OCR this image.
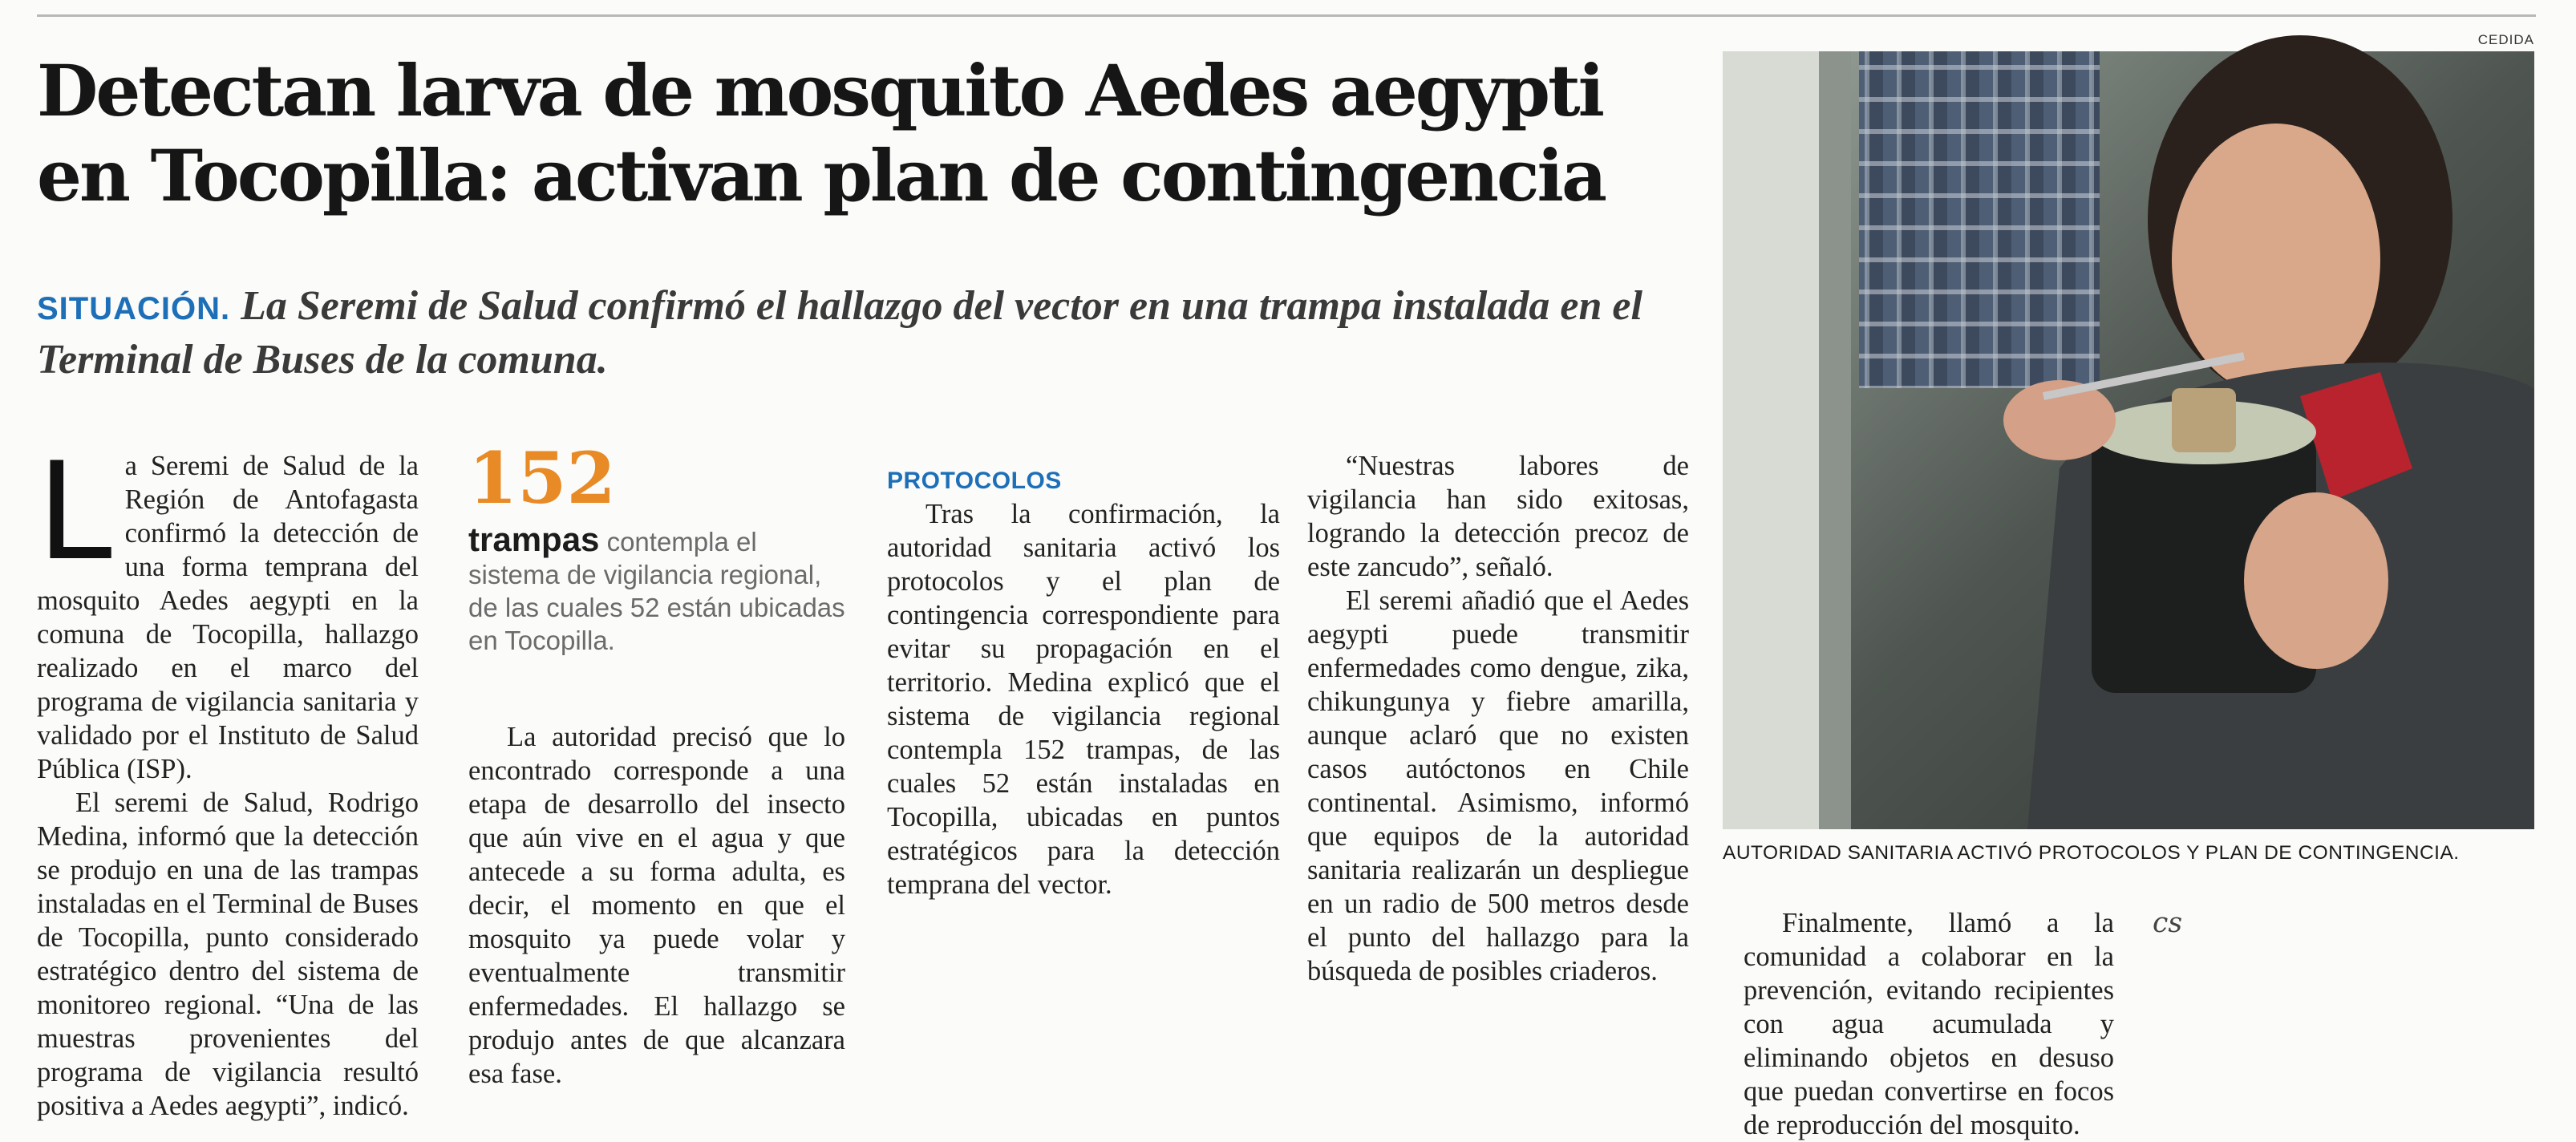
CEDIDA
Detectan larva de mosquito Aedes aegypti en Tocopilla: activan plan de contingencia

SITUACIÓN. La Seremi de Salud confirmó el hallazgo del vector en una trampa instalada en el Terminal de Buses de la comuna.

La Seremi de Salud de la Región de Antofagasta confirmó la detección de una forma temprana del mosquito Aedes aegypti en la comuna de Tocopilla, hallazgo realizado en el marco del programa de vigilancia sanitaria y validado por el Instituto de Salud Pública (ISP).

El seremi de Salud, Rodrigo Medina, informó que la detección se produjo en una de las trampas instaladas en el Terminal de Buses de Tocopilla, punto considerado estratégico dentro del sistema de monitoreo regional. “Una de las muestras provenientes del programa de vigilancia resultó positiva a Aedes aegypti”, indicó.

152
trampas contempla el sistema de vigilancia regional, de las cuales 52 están ubicadas en Tocopilla.

La autoridad precisó que lo encontrado corresponde a una etapa de desarrollo del insecto que aún vive en el agua y que antecede a su forma adulta, es decir, el momento en que el mosquito ya puede volar y eventualmente transmitir enfermedades. El hallazgo se produjo antes de que alcanzara esa fase.

PROTOCOLOS

Tras la confirmación, la autoridad sanitaria activó los protocolos y el plan de contingencia correspondiente para evitar su propagación en el territorio. Medina explicó que el sistema de vigilancia regional contempla 152 trampas, de las cuales 52 están instaladas en Tocopilla, ubicadas en puntos estratégicos para la detección temprana del vector.

“Nuestras labores de vigilancia han sido exitosas, logrando la detección precoz de este zancudo”, señaló.

El seremi añadió que el Aedes aegypti puede transmitir enfermedades como dengue, zika, chikungunya y fiebre amarilla, aunque aclaró que no existen casos autóctonos en Chile continental. Asimismo, informó que equipos de la autoridad sanitaria realizarán un despliegue en un radio de 500 metros desde el punto del hallazgo para la búsqueda de posibles criaderos.

Finalmente, llamó a la comunidad a colaborar en la prevención, evitando recipientes con agua acumulada y eliminando objetos en desuso que puedan convertirse en focos de reproducción del mosquito.

cs

AUTORIDAD SANITARIA ACTIVÓ PROTOCOLOS Y PLAN DE CONTINGENCIA.
